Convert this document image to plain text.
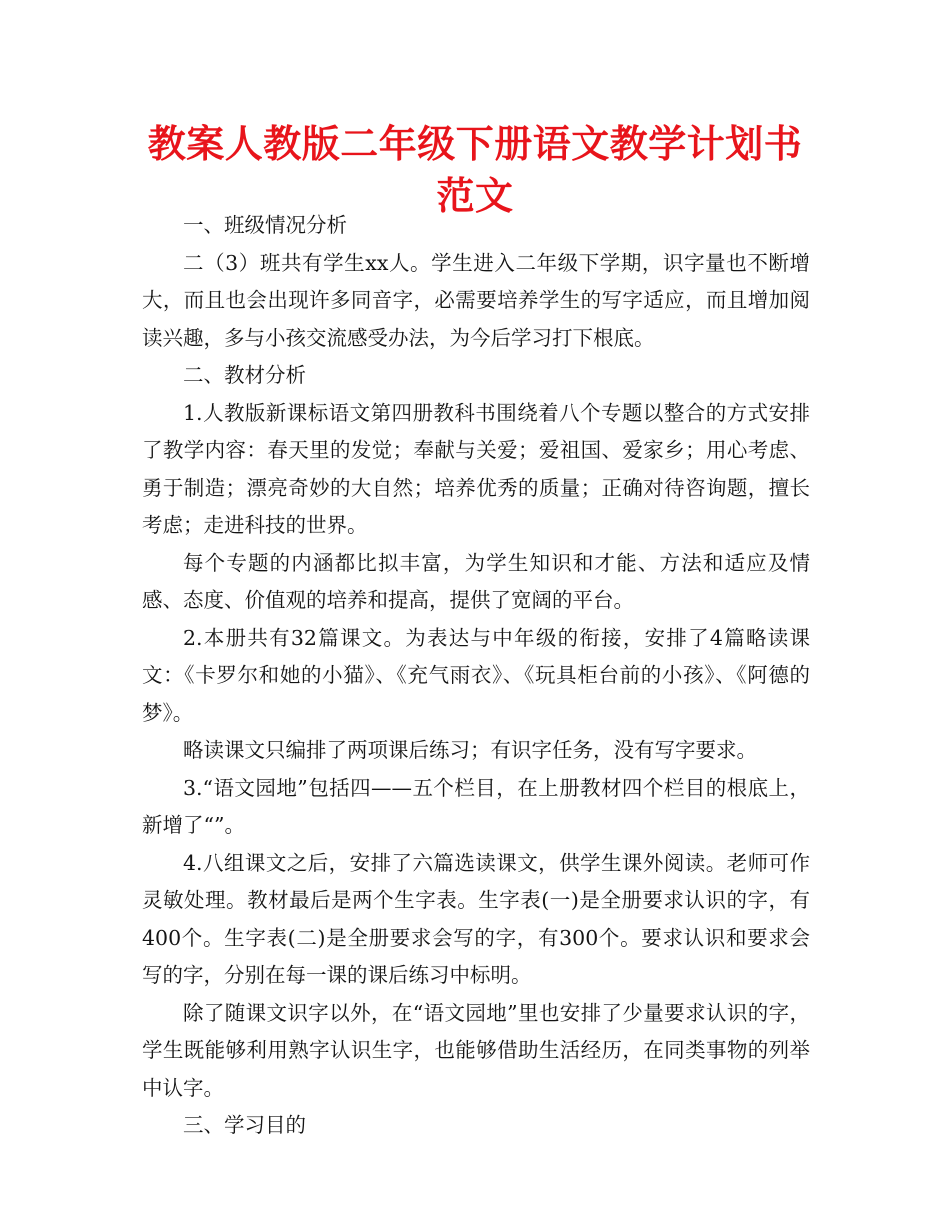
教案人教版二年级下册语文教学计划书范文

一、班级情况分析

二（3）班共有学生xx人。学生进入二年级下学期，识字量也不断增大，而且也会出现许多同音字，必需要培养学生的写字适应，而且增加阅读兴趣，多与小孩交流感受办法，为今后学习打下根底。

二、教材分析

1.人教版新课标语文第四册教科书围绕着八个专题以整合的方式安排了教学内容：春天里的发觉；奉献与关爱；爱祖国、爱家乡；用心考虑、勇于制造；漂亮奇妙的大自然；培养优秀的质量；正确对待咨询题，擅长考虑；走进科技的世界。

每个专题的内涵都比拟丰富，为学生知识和才能、方法和适应及情感、态度、价值观的培养和提高，提供了宽阔的平台。

2.本册共有32篇课文。为表达与中年级的衔接，安排了4篇略读课文：《卡罗尔和她的小猫》、《充气雨衣》、《玩具柜台前的小孩》、《阿德的梦》。

略读课文只编排了两项课后练习；有识字任务，没有写字要求。

3.“语文园地”包括四——五个栏目，在上册教材四个栏目的根底上，新增了“”。

4.八组课文之后，安排了六篇选读课文，供学生课外阅读。老师可作灵敏处理。教材最后是两个生字表。生字表(一)是全册要求认识的字，有400个。生字表(二)是全册要求会写的字，有300个。要求认识和要求会写的字，分别在每一课的课后练习中标明。

除了随课文识字以外，在“语文园地”里也安排了少量要求认识的字，学生既能够利用熟字认识生字，也能够借助生活经历，在同类事物的列举中认字。

三、学习目的
